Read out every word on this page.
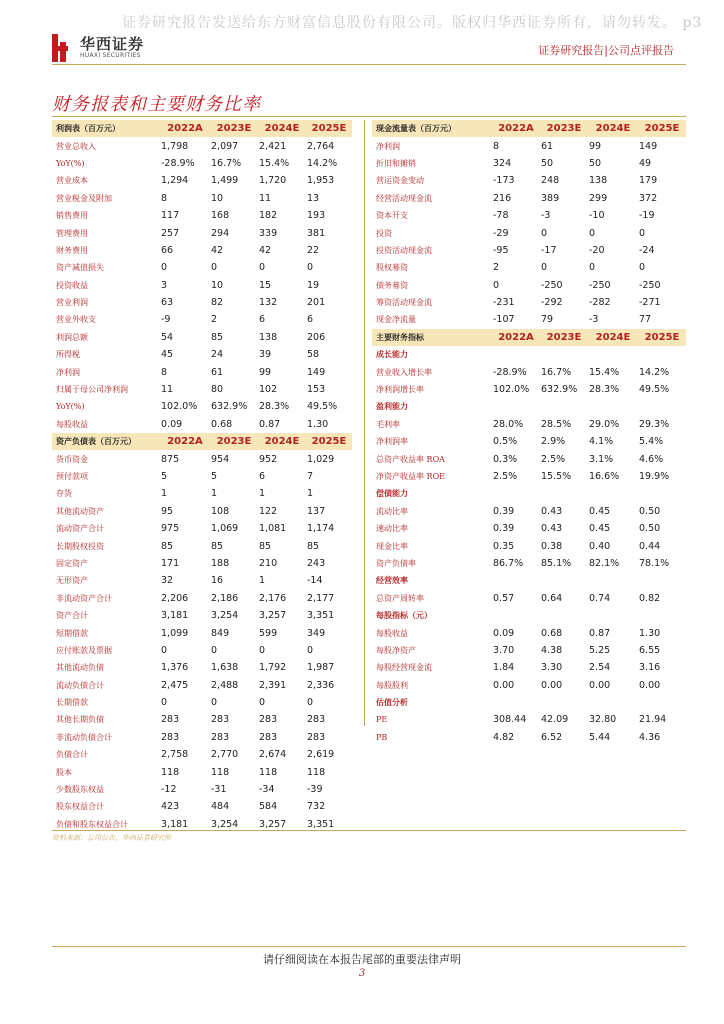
证券研究报告发送给东方财富信息股份有限公司。版权归华西证券所有，请勿转发。 p3
华西证券
HUAXI SECURITIES	证券研究报告|公司点评报告
财务报表和主要财务比率
利润表（百万元）	2022A	2023E	2024E	2025E
营业总收入	1,798	2,097	2,421	2,764
YoY(%)	-28.9%	16.7%	15.4%	14.2%
营业成本	1,294	1,499	1,720	1,953
营业税金及附加	8	10	11	13
销售费用	117	168	182	193
管理费用	257	294	339	381
财务费用	66	42	42	22
资产减值损失	0	0	0	0
投资收益	3	10	15	19
营业利润	63	82	132	201
营业外收支	-9	2	6	6
利润总额	54	85	138	206
所得税	45	24	39	58
净利润	8	61	99	149
归属于母公司净利润	11	80	102	153
YoY(%)	102.0%	632.9%	28.3%	49.5%
每股收益	0.09	0.68	0.87	1.30
资产负债表（百万元）	2022A	2023E	2024E	2025E
货币资金	875	954	952	1,029
预付款项	5	5	6	7
存货	1	1	1	1
其他流动资产	95	108	122	137
流动资产合计	975	1,069	1,081	1,174
长期股权投资	85	85	85	85
固定资产	171	188	210	243
无形资产	32	16	1	-14
非流动资产合计	2,206	2,186	2,176	2,177
资产合计	3,181	3,254	3,257	3,351
短期借款	1,099	849	599	349
应付账款及票据	0	0	0	0
其他流动负债	1,376	1,638	1,792	1,987
流动负债合计	2,475	2,488	2,391	2,336
长期借款	0	0	0	0
其他长期负债	283	283	283	283
非流动负债合计	283	283	283	283
负债合计	2,758	2,770	2,674	2,619
股本	118	118	118	118
少数股东权益	-12	-31	-34	-39
股东权益合计	423	484	584	732
负债和股东权益合计	3,181	3,254	3,257	3,351
现金流量表（百万元）	2022A	2023E	2024E	2025E
净利润	8	61	99	149
折旧和摊销	324	50	50	49
营运资金变动	-173	248	138	179
经营活动现金流	216	389	299	372
资本开支	-78	-3	-10	-19
投资	-29	0	0	0
投资活动现金流	-95	-17	-20	-24
股权募资	2	0	0	0
债务募资	0	-250	-250	-250
筹资活动现金流	-231	-292	-282	-271
现金净流量	-107	79	-3	77
主要财务指标	2022A	2023E	2024E	2025E
成长能力				
营业收入增长率	-28.9%	16.7%	15.4%	14.2%
净利润增长率	102.0%	632.9%	28.3%	49.5%
盈利能力				
毛利率	28.0%	28.5%	29.0%	29.3%
净利润率	0.5%	2.9%	4.1%	5.4%
总资产收益率 ROA	0.3%	2.5%	3.1%	4.6%
净资产收益率 ROE	2.5%	15.5%	16.6%	19.9%
偿债能力				
流动比率	0.39	0.43	0.45	0.50
速动比率	0.39	0.43	0.45	0.50
现金比率	0.35	0.38	0.40	0.44
资产负债率	86.7%	85.1%	82.1%	78.1%
经营效率				
总资产周转率	0.57	0.64	0.74	0.82
每股指标（元）				
每股收益	0.09	0.68	0.87	1.30
每股净资产	3.70	4.38	5.25	6.55
每股经营现金流	1.84	3.30	2.54	3.16
每股股利	0.00	0.00	0.00	0.00
估值分析				
PE	308.44	42.09	32.80	21.94
PB	4.82	6.52	5.44	4.36
资料来源：公司公告，华西证券研究所
请仔细阅读在本报告尾部的重要法律声明
3
